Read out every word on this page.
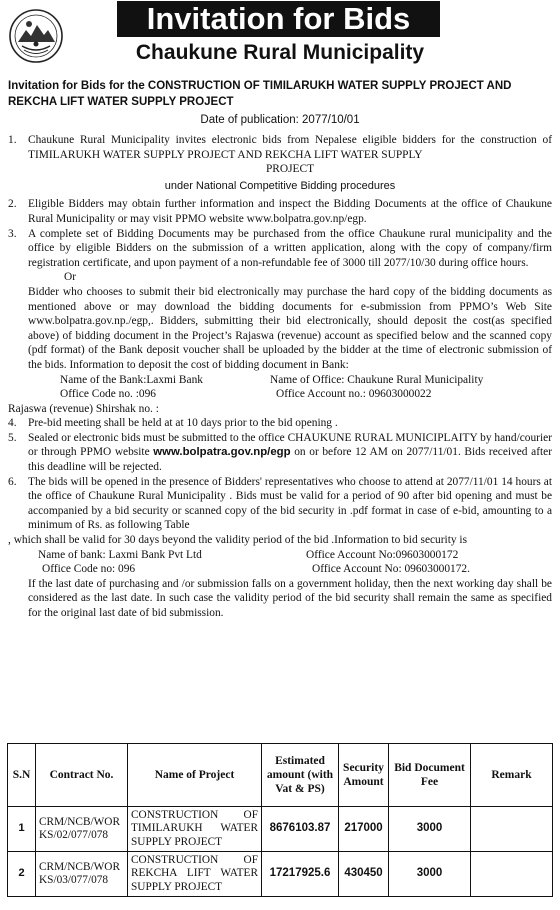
Invitation for Bids
Chaukune Rural Municipality
Invitation for Bids for the CONSTRUCTION OF TIMILARUKH WATER SUPPLY PROJECT AND REKCHA LIFT WATER SUPPLY PROJECT
Date of publication: 2077/10/01
1.	Chaukune Rural Municipality invites electronic bids from Nepalese eligible bidders for the construction of TIMILARUKH WATER SUPPLY PROJECT AND REKCHA LIFT WATER SUPPLY

PROJECT

under National Competitive Bidding procedures

2.	Eligible Bidders may obtain further information and inspect the Bidding Documents at the office of Chaukune Rural Municipality or may visit PPMO website www.bolpatra.gov.np/egp.

3.	A complete set of Bidding Documents may be purchased from the office Chaukune rural municipality and the office by eligible Bidders on the submission of a written application, along with the copy of company/firm registration certificate, and upon payment of a non-refundable fee of 3000 till 2077/10/30 during office hours.

Or

Bidder who chooses to submit their bid electronically may purchase the hard copy of the bidding documents as mentioned above or may download the bidding documents for e-submission from PPMO’s Web Site www.bolpatra.gov.np./egp,. Bidders, submitting their bid electronically, should deposit the cost(as specified above) of bidding document in the Project’s Rajaswa (revenue) account as specified below and the scanned copy (pdf format) of the Bank deposit voucher shall be uploaded by the bidder at the time of electronic submission of the bids. Information to deposit the cost of bidding document in Bank:

Name of the Bank:Laxmi Bank	Name of Office: Chaukune Rural Municipality
Office Code no. :096	Office Account no.: 09603000022

Rajaswa (revenue) Shirshak no. :

4.	Pre-bid meeting shall be held at at 10 days prior to the bid opening .

5.	Sealed or electronic bids must be submitted to the office CHAUKUNE RURAL MUNICIPLAITY by hand/courier or through PPMO website www.bolpatra.gov.np/egp on or before 12 AM on 2077/11/01. Bids received after this deadline will be rejected.

6.	The bids will be opened in the presence of Bidders' representatives who choose to attend at 2077/11/01 14 hours at the office of Chaukune Rural Municipality . Bids must be valid for a period of 90 after bid opening and must be accompanied by a bid security or scanned copy of the bid security in .pdf format in case of e-bid, amounting to a minimum of Rs. as following Table

, which shall be valid for 30 days beyond the validity period of the bid .Information to bid security is

Name of bank: Laxmi Bank Pvt Ltd	Office Account No:09603000172
Office Code no: 096	Office Account No: 09603000172.

If the last date of purchasing and /or submission falls on a government holiday, then the next working day shall be considered as the last date. In such case the validity period of the bid security shall remain the same as specified for the original last date of bid submission.

S.N	Contract No.	Name of Project	Estimated amount (with Vat & PS)	Security Amount	Bid Document Fee	Remark
1	CRM/NCB/WORKS/02/077/078	CONSTRUCTION OF TIMILARUKH WATER SUPPLY PROJECT	8676103.87	217000	3000	
2	CRM/NCB/WORKS/03/077/078	CONSTRUCTION OF REKCHA LIFT WATER SUPPLY PROJECT	17217925.6	430450	3000	
